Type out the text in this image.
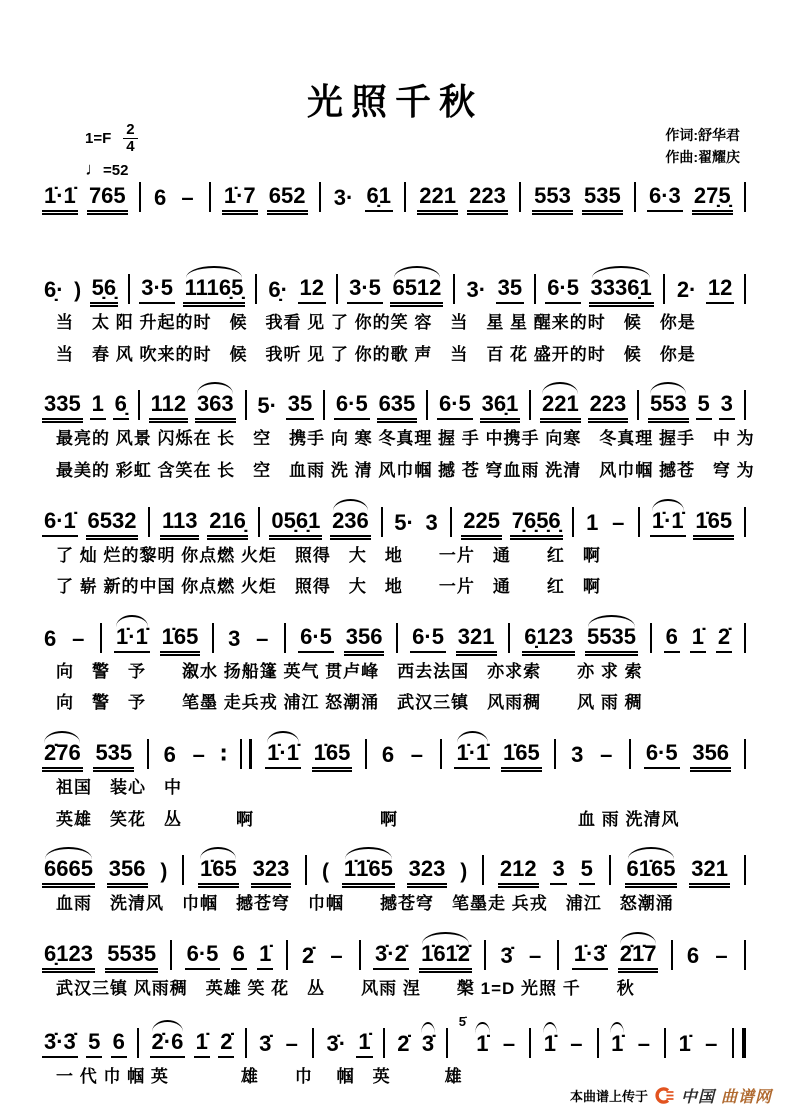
光照千秋
作词:舒华君
作曲:翟耀庆
$1=F \frac{2}{4}$
♩=52
1̇·1̇ 765 6 – 1̇·7 652 3· 6̣1 221 223 553 535 6·3 27̣5̣
6̣· ) 5̣6̣ 3·5 1116̣5̣ 6̣· 12 3·5 6512 3· 35 6·5 3336̣1 2· 12
当　太 阳 升起的时　候　我看 见 了 你的笑 容　当　星 星 醒来的时　候　你是
当　春 风 吹来的时　候　我听 见 了 你的歌 声　当　百 花 盛开的时　候　你是
335 1 6̣ 112 363 5· 35 6·5 635 6·5 36̣1 221 223 553 5 3
最亮的 风景 闪烁在 长　空　携手 向 寒 冬真理 握 手 中携手 向寒　冬真理 握手　中 为
最美的 彩虹 含笑在 长　空　血雨 洗 清 风巾帼 撼 苍 穹血雨 洗清　风巾帼 撼苍　穹 为
6·1̇ 6532 113 216̣ 05̣6̣1 236 5· 3 225 7̣6̣5̣6̣ 1 – 1̇·1̇ 1̇65
了 灿 烂的黎明 你点燃 火炬　照得　大　地　　一片　通　　红　啊
了 崭 新的中国 你点燃 火炬　照得　大　地　　一片　通　　红　啊
6 – 1̇·1̇ 1̇65 3 – 6·5 356 6·5 321 6̣123 5535 6 1̇ 2̇
向　警　予　　溆水 扬船篷 英气 贯卢峰　西去法国　亦求索　　亦 求 索
向　警　予　　笔墨 走兵戎 浦江 怒潮涌　武汉三镇　风雨稠　　风 雨 稠
2̇76 535 6 – ∶ 1̇·1̇ 1̇65 6 – 1̇·1̇ 1̇65 3 – 6·5 356
祖国　装心　中
英雄　笑花　丛　　　啊　　　　　　　啊　　　　　　　　　　血 雨 洗清风
6665 356 ) 1̇65 323 ( 1̇1̇65 323 ) 212 3 5 61̇65 321
血雨　洗清风　巾帼　撼苍穹　巾帼　　撼苍穹　笔墨走 兵戎　浦江　怒潮涌
6̣123 5535 6·5 6 1̇ 2̇ – 3̇·2̇ 1̇61̇2̇ 3̇ – 1̇·3̇ 2̇1̇7 6 –
武汉三镇 风雨稠　英雄 笑 花　丛　　风雨 涅　　槃 1=D 光照 千　　秋
3̇·3̇ 5 6 2̇·6 1̇ 2̇ 3̇ – 3̇· 1̇ 2̇ 3̇
5̇
1̇ – 1̇ – 1̇ – 1̇ –
一 代 巾 帼 英　　　　雄　　巾　 帼　英　　　雄
本曲谱上传于 中国 曲谱网
